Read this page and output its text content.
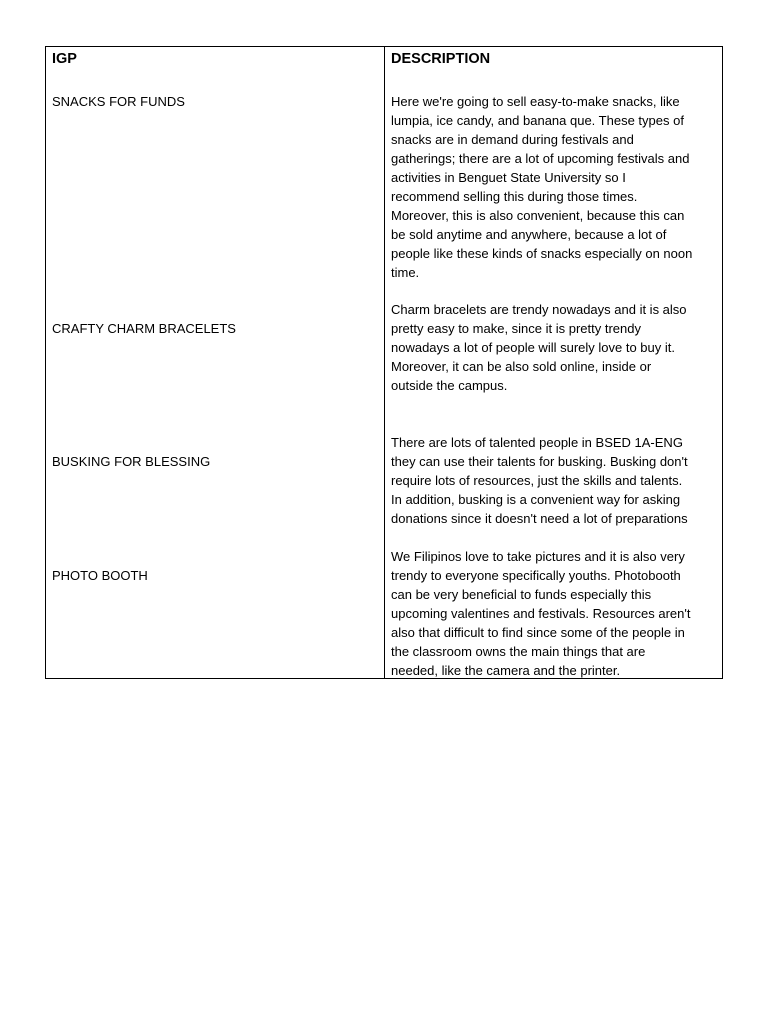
IGP	DESCRIPTION
SNACKS FOR FUNDS	Here we're going to sell easy-to-make snacks, like
lumpia, ice candy, and banana que. These types of
snacks are in demand during festivals and
gatherings; there are a lot of upcoming festivals and
activities in Benguet State University so I
recommend selling this during those times.
Moreover, this is also convenient, because this can
be sold anytime and anywhere, because a lot of
people like these kinds of snacks especially on noon
time.
CRAFTY CHARM BRACELETS
Charm bracelets are trendy nowadays and it is also
pretty easy to make, since it is pretty trendy
nowadays a lot of people will surely love to buy it.
Moreover, it can be also sold online, inside or
outside the campus.
BUSKING FOR BLESSING
There are lots of talented people in BSED 1A-ENG
they can use their talents for busking. Busking don't
require lots of resources, just the skills and talents.
In addition, busking is a convenient way for asking
donations since it doesn't need a lot of preparations
PHOTO BOOTH
We Filipinos love to take pictures and it is also very
trendy to everyone specifically youths. Photobooth
can be very beneficial to funds especially this
upcoming valentines and festivals. Resources aren't
also that difficult to find since some of the people in
the classroom owns the main things that are
needed, like the camera and the printer.
